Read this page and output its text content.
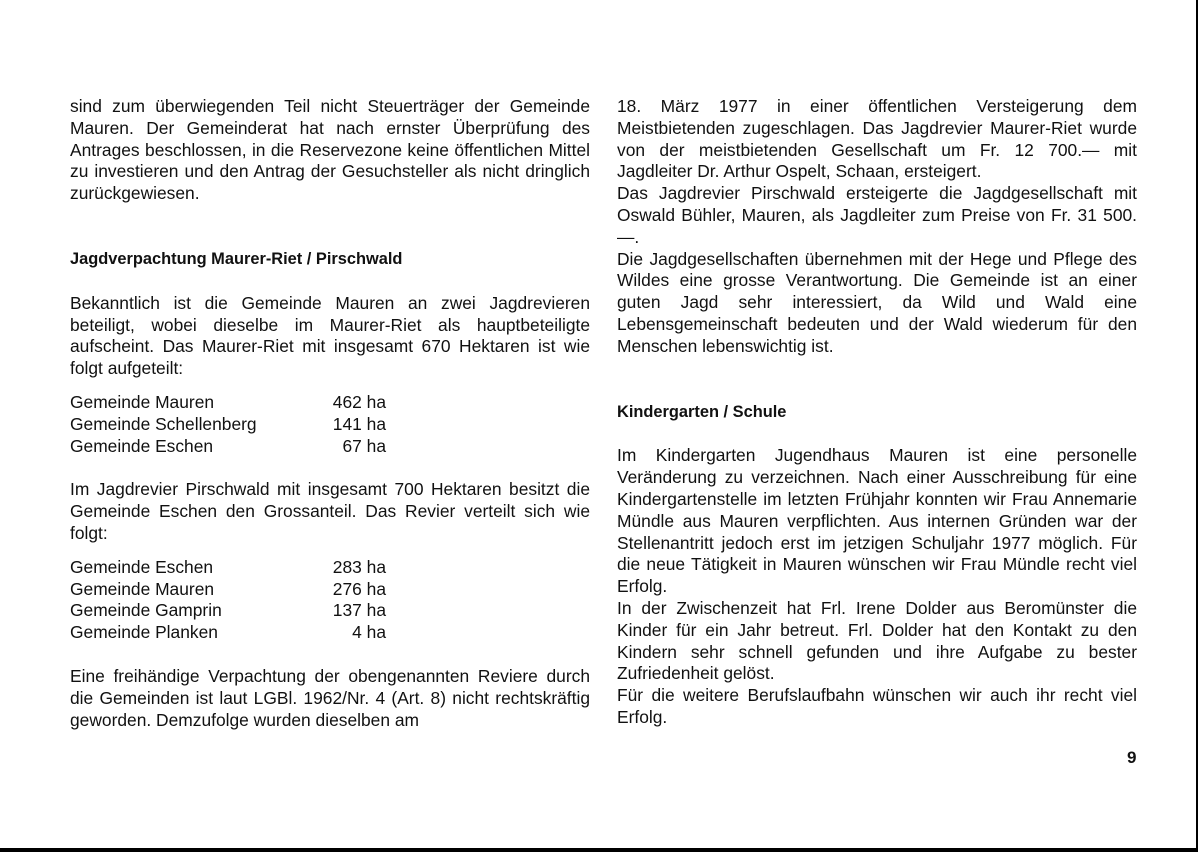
sind zum überwiegenden Teil nicht Steuerträger der Gemeinde Mauren. Der Gemeinderat hat nach ernster Überprüfung des Antrages beschlossen, in die Reservezone keine öffentlichen Mittel zu investieren und den Antrag der Gesuchsteller als nicht dringlich zurückgewiesen.

Jagdverpachtung Maurer-Riet / Pirschwald

Bekanntlich ist die Gemeinde Mauren an zwei Jagdrevieren beteiligt, wobei dieselbe im Maurer-Riet als hauptbeteiligte aufscheint. Das Maurer-Riet mit insgesamt 670 Hektaren ist wie folgt aufgeteilt:

Gemeinde Mauren	462 ha
Gemeinde Schellenberg	141 ha
Gemeinde Eschen	67 ha

Im Jagdrevier Pirschwald mit insgesamt 700 Hektaren besitzt die Gemeinde Eschen den Grossanteil. Das Revier verteilt sich wie folgt:

Gemeinde Eschen	283 ha
Gemeinde Mauren	276 ha
Gemeinde Gamprin	137 ha
Gemeinde Planken	4 ha

Eine freihändige Verpachtung der obengenannten Reviere durch die Gemeinden ist laut LGBl. 1962/Nr. 4 (Art. 8) nicht rechtskräftig geworden. Demzufolge wurden dieselben am

18. März 1977 in einer öffentlichen Versteigerung dem Meistbietenden zugeschlagen. Das Jagdrevier Maurer-Riet wurde von der meistbietenden Gesellschaft um Fr. 12 700.— mit Jagdleiter Dr. Arthur Ospelt, Schaan, ersteigert.

Das Jagdrevier Pirschwald ersteigerte die Jagdgesellschaft mit Oswald Bühler, Mauren, als Jagdleiter zum Preise von Fr. 31 500.—.

Die Jagdgesellschaften übernehmen mit der Hege und Pflege des Wildes eine grosse Verantwortung. Die Gemeinde ist an einer guten Jagd sehr interessiert, da Wild und Wald eine Lebensgemeinschaft bedeuten und der Wald wiederum für den Menschen lebenswichtig ist.

Kindergarten / Schule

Im Kindergarten Jugendhaus Mauren ist eine personelle Veränderung zu verzeichnen. Nach einer Ausschreibung für eine Kindergartenstelle im letzten Frühjahr konnten wir Frau Annemarie Mündle aus Mauren verpflichten. Aus internen Gründen war der Stellenantritt jedoch erst im jetzigen Schuljahr 1977 möglich. Für die neue Tätigkeit in Mauren wünschen wir Frau Mündle recht viel Erfolg.

In der Zwischenzeit hat Frl. Irene Dolder aus Beromünster die Kinder für ein Jahr betreut. Frl. Dolder hat den Kontakt zu den Kindern sehr schnell gefunden und ihre Aufgabe zu bester Zufriedenheit gelöst.

Für die weitere Berufslaufbahn wünschen wir auch ihr recht viel Erfolg.

9
